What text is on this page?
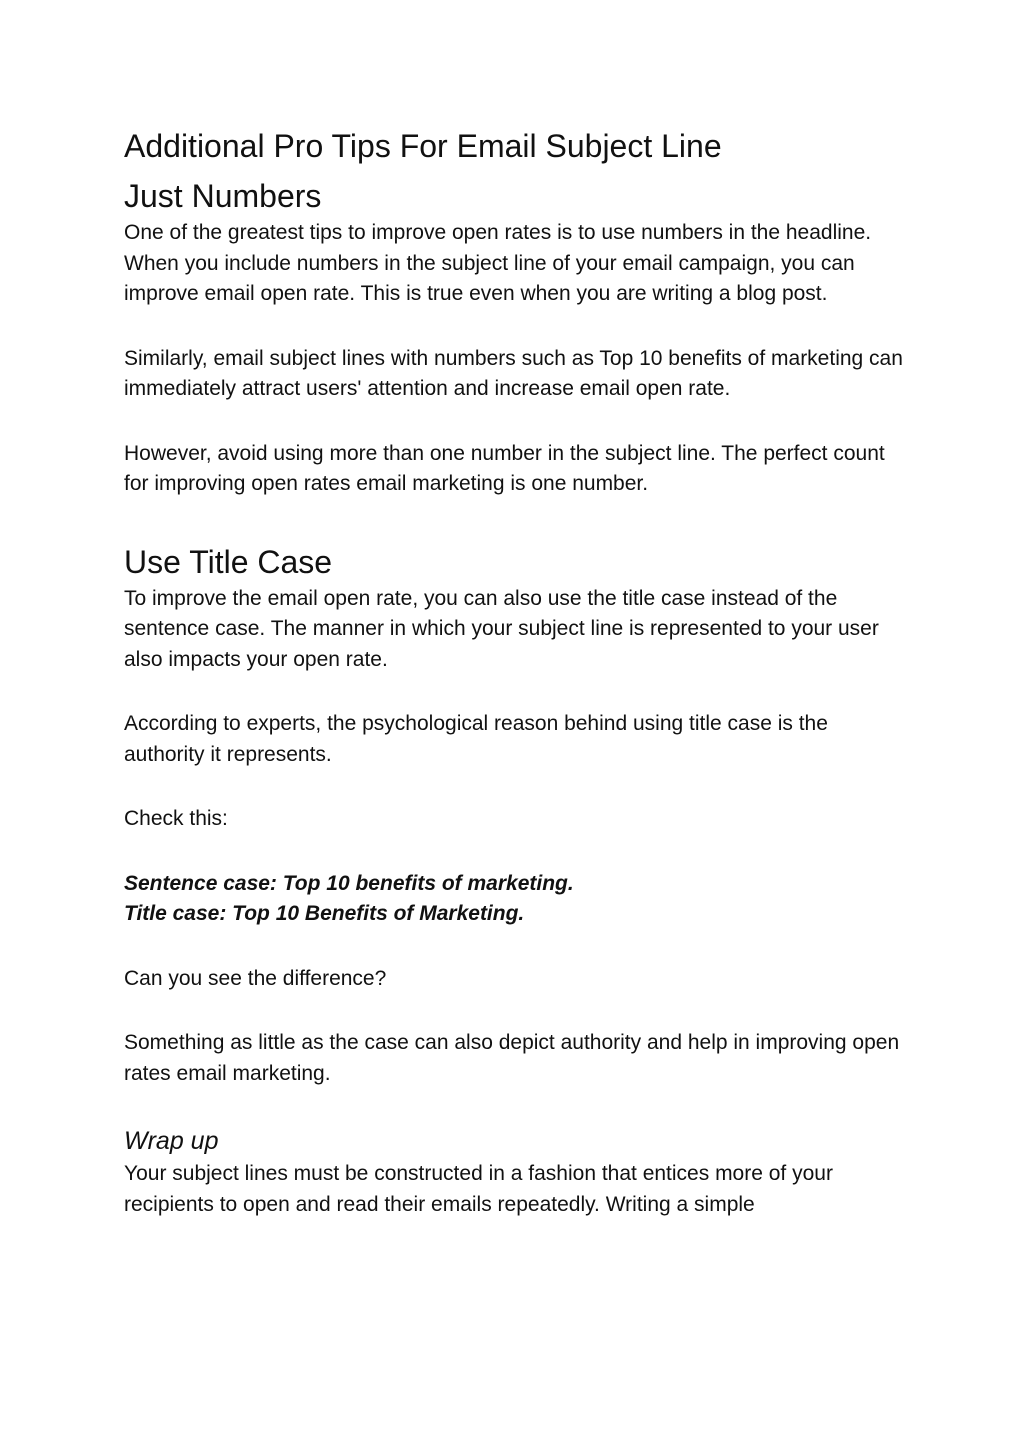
Additional Pro Tips For Email Subject Line
Just Numbers

One of the greatest tips to improve open rates is to use numbers in the headline. When you include numbers in the subject line of your email campaign, you can improve email open rate. This is true even when you are writing a blog post.

Similarly, email subject lines with numbers such as Top 10 benefits of marketing can immediately attract users' attention and increase email open rate.

However, avoid using more than one number in the subject line. The perfect count for improving open rates email marketing is one number.

Use Title Case

To improve the email open rate, you can also use the title case instead of the sentence case. The manner in which your subject line is represented to your user also impacts your open rate.

According to experts, the psychological reason behind using title case is the authority it represents.

Check this:

Sentence case: Top 10 benefits of marketing.

Title case: Top 10 Benefits of Marketing.

Can you see the difference?

Something as little as the case can also depict authority and help in improving open rates email marketing.

Wrap up

Your subject lines must be constructed in a fashion that entices more of your recipients to open and read their emails repeatedly. Writing a simple
